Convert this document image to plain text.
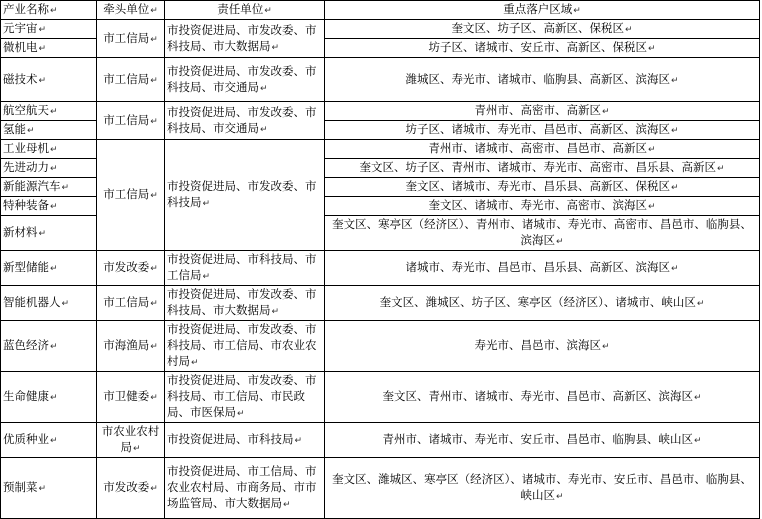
产业名称↵	牵头单位↵	责任单位↵	重点落户区域↵
元宇宙↵	市工信局↵	市投资促进局、市发改委、市科技局、市大数据局↵	奎文区、坊子区、高新区、保税区↵
微机电↵			坊子区、诸城市、安丘市、高新区、保税区↵
磁技术↵	市工信局↵	市投资促进局、市发改委、市科技局、市交通局↵	潍城区、寿光市、诸城市、临朐县、高新区、滨海区↵
航空航天↵	市工信局↵	市投资促进局、市发改委、市科技局、市交通局↵	青州市、高密市、高新区↵
氢能↵			坊子区、诸城市、寿光市、昌邑市、高新区、滨海区↵
工业母机↵	市工信局↵	市投资促进局、市发改委、市科技局↵	青州市、诸城市、高密市、昌邑市、高新区↵
先进动力↵			奎文区、坊子区、青州市、诸城市、寿光市、高密市、昌乐县、高新区↵
新能源汽车↵			奎文区、诸城市、寿光市、昌乐县、高新区、保税区↵
特种装备↵			奎文区、诸城市、寿光市、高密市、滨海区↵
新材料↵			奎文区、寒亭区（经济区）、青州市、诸城市、寿光市、高密市、昌邑市、临朐县、滨海区↵
新型储能↵	市发改委↵	市投资促进局、市科技局、市工信局↵	诸城市、寿光市、昌邑市、昌乐县、高新区、滨海区↵
智能机器人↵	市工信局↵	市投资促进局、市发改委、市科技局、市大数据局↵	奎文区、潍城区、坊子区、寒亭区（经济区）、诸城市、峡山区↵
蓝色经济↵	市海渔局↵	市投资促进局、市发改委、市科技局、市工信局、市农业农村局↵	寿光市、昌邑市、滨海区↵
生命健康↵	市卫健委↵	市投资促进局、市发改委、市科技局、市工信局、市民政局、市医保局↵	奎文区、青州市、诸城市、寿光市、昌邑市、高新区、滨海区↵
优质种业↵	市农业农村局↵	市投资促进局、市科技局↵	青州市、诸城市、寿光市、安丘市、昌邑市、临朐县、峡山区↵
预制菜↵	市发改委↵	市投资促进局、市工信局、市农业农村局、市商务局、市市场监管局、市大数据局↵	奎文区、潍城区、寒亭区（经济区）、诸城市、寿光市、安丘市、昌邑市、临朐县、峡山区↵
